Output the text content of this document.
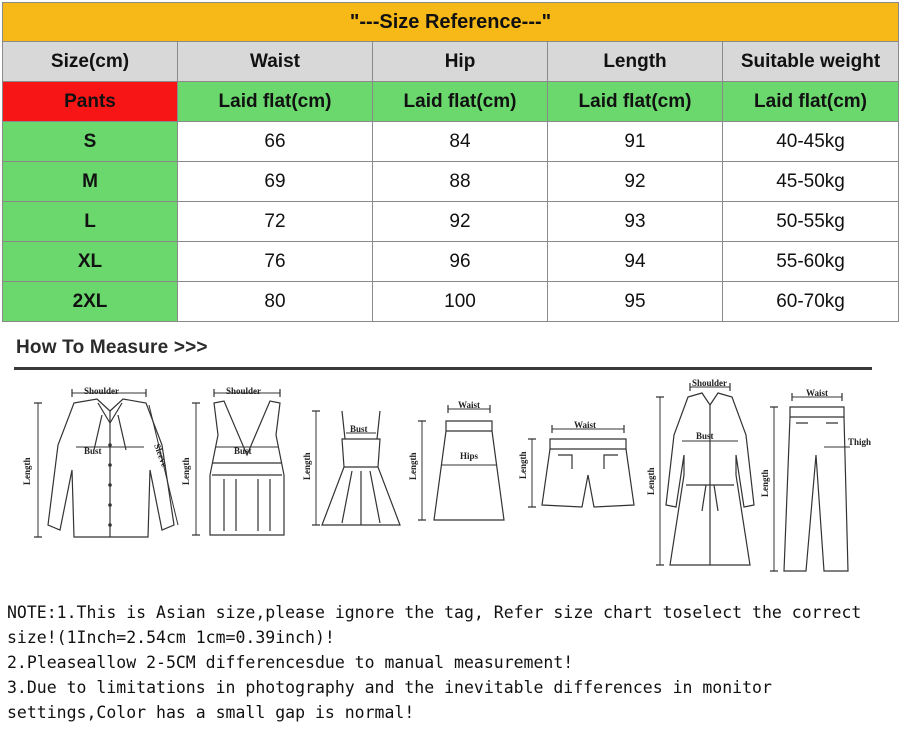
"---Size Reference---"				
Size(cm)	Waist	Hip	Length	Suitable weight
Pants	Laid flat(cm)	Laid flat(cm)	Laid flat(cm)	Laid flat(cm)
S	66	84	91	40-45kg
M	69	88	92	45-50kg
L	72	92	93	50-55kg
XL	76	96	94	55-60kg
2XL	80	100	95	60-70kg
How To Measure >>>
Shoulder
Bust
Length
Sleeve
Shoulder
Bust
Length
Bust
Length
Waist
Hips
Length
Waist
Length
Shoulder
Bust
Length
Waist
Thigh
Length

NOTE:1.This is Asian size,please ignore the tag, Refer size chart toselect the correct size!(1Inch=2.54cm 1cm=0.39inch)!

2.Pleaseallow 2-5CM differencesdue to manual measurement!

3.Due to limitations in photography and the inevitable differences in monitor settings,Color has a small gap is normal!
